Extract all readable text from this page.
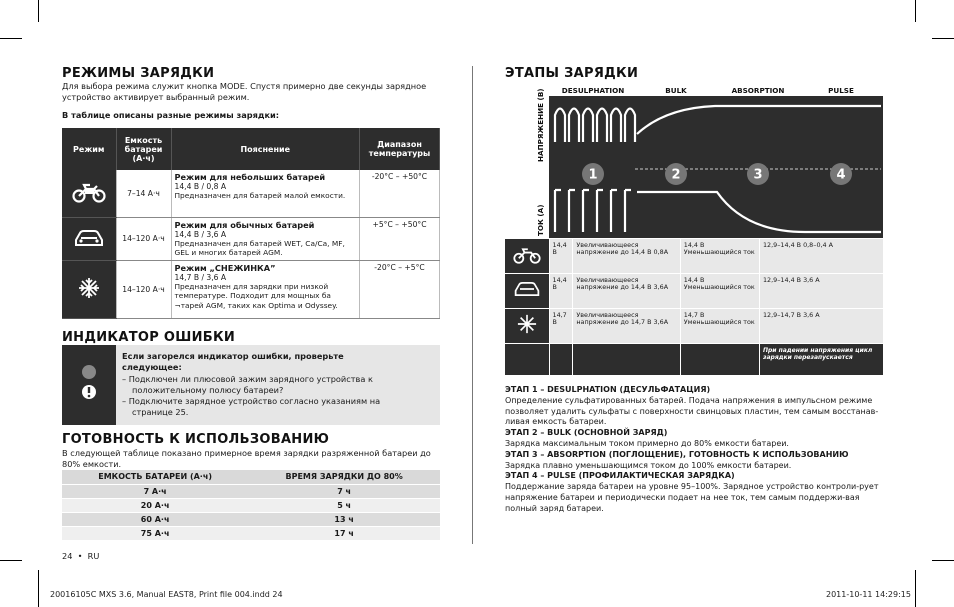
РЕЖИМЫ ЗАРЯДКИ
Для выбора режима служит кнопка MODE. Спустя примерно две секунды зарядное устройство активирует выбранный режим.
В таблице описаны разные режимы зарядки:
Режим	Емкость батареи (А·ч)	Пояснение	Диапазон температуры
	7–14 А·ч	Режим для небольших батарей
14,4 В / 0,8 А
Предназначен для батарей малой емкости.	-20°C – +50°C
	14–120 А·ч	Режим для обычных батарей
14,4 В / 3,6 А
Предназначен для батарей WET, Ca/Ca, MF, GEL и многих батарей AGM.	+5°C – +50°C
	14–120 А·ч	Режим „СНЕЖИНКА”
14,7 В / 3,6 А
Предназначен для зарядки при низкой температуре. Подходит для мощных ба ¬тарей AGM, таких как Optima и Odyssey.	-20°C – +5°C
ИНДИКАТОР ОШИБКИ
Если загорелся индикатор ошибки, проверьте следующее:
– Подключен ли плюсовой зажим зарядного устройства к положительному полюсу батареи?
– Подключите зарядное устройство согласно указаниям на странице 25.
ГОТОВНОСТЬ К ИСПОЛЬЗОВАНИЮ
В следующей таблице показано примерное время зарядки разряженной батареи до 80% емкости.
ЕМКОСТЬ БАТАРЕИ (А·ч)	ВРЕМЯ ЗАРЯДКИ ДО 80%
7 А·ч	7 ч
20 А·ч	5 ч
60 А·ч	13 ч
75 А·ч	17 ч
24  •  RU
ЭТАПЫ ЗАРЯДКИ
DESULPHATION	BULK	ABSORPTION	PULSE
НАПРЯЖЕНИЕ (В)
ТОК (А)
1	2	3	4
	14,4 В	Увеличивающееся напряжение до 14,4 В 0,8А	14,4 В Уменьшающийся ток	12,9–14,4 В 0,8–0,4 А
	14,4 В	Увеличивающееся напряжение до 14,4 В 3,6А	14,4 В Уменьшающийся ток	12,9–14,4 В 3,6 А
	14,7 В	Увеличивающееся напряжение до 14,7 В 3,6А	14,7 В Уменьшающийся ток	12,9–14,7 В 3,6 А
				При падении напряжения цикл зарядки перезапускается
ЭТАП 1 – DESULPHATION (ДЕСУЛЬФАТАЦИЯ)
Определение сульфатированных батарей. Подача напряжения в импульсном режиме позволяет удалить сульфаты с поверхности свинцовых пластин, тем самым восстанав-ливая емкость батареи.
ЭТАП 2 – BULK (ОСНОВНОЙ ЗАРЯД)
Зарядка максимальным током примерно до 80% емкости батареи.
ЭТАП 3 – ABSORPTION (ПОГЛОЩЕНИЕ), ГОТОВНОСТЬ К ИСПОЛЬЗОВАНИЮ
Зарядка плавно уменьшающимся током до 100% емкости батареи.
ЭТАП 4 – PULSE (ПРОФИЛАКТИЧЕСКАЯ ЗАРЯДКА)
Поддержание заряда батареи на уровне 95–100%. Зарядное устройство контроли-рует напряжение батареи и периодически подает на нее ток, тем самым поддержи-вая полный заряд батареи.
20016105C MXS 3.6, Manual EAST8, Print file 004.indd 24	2011-10-11 14:29:15
